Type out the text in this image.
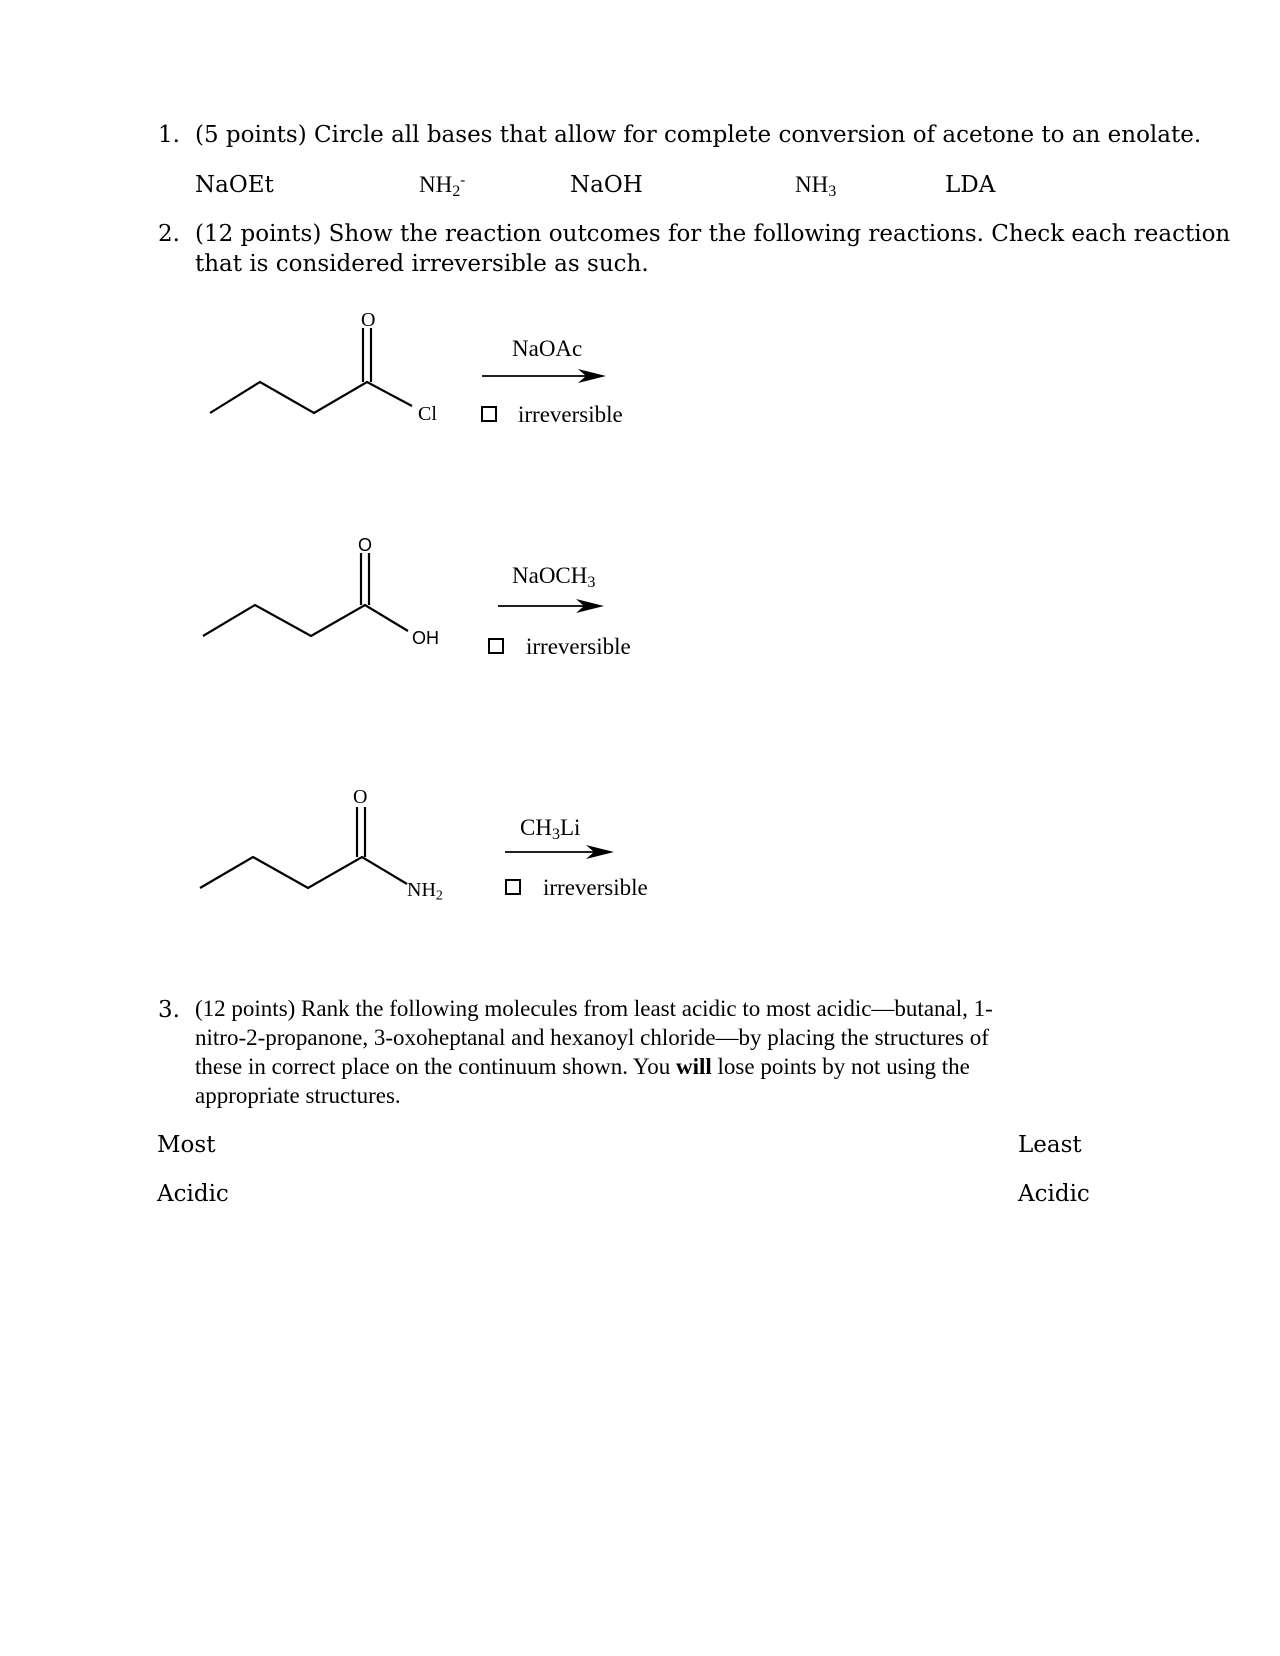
1. (5 points) Circle all bases that allow for complete conversion of acetone to an enolate.
NaOEt	$NH_2^-$	NaOH	$NH_3$	LDA
2. (12 points) Show the reaction outcomes for the following reactions. Check each reaction
that is considered irreversible as such.
O
Cl
NaOAc
irreversible
O
OH
NaOCH$_3$
irreversible
O
$NH_2$
$CH_3Li$
irreversible
3. (12 points) Rank the following molecules from least acidic to most acidic—butanal, 1-
nitro-2-propanone, 3-oxoheptanal and hexanoyl chloride—by placing the structures of
these in correct place on the continuum shown. You will lose points by not using the
appropriate structures.
Most
Acidic
Least
Acidic
